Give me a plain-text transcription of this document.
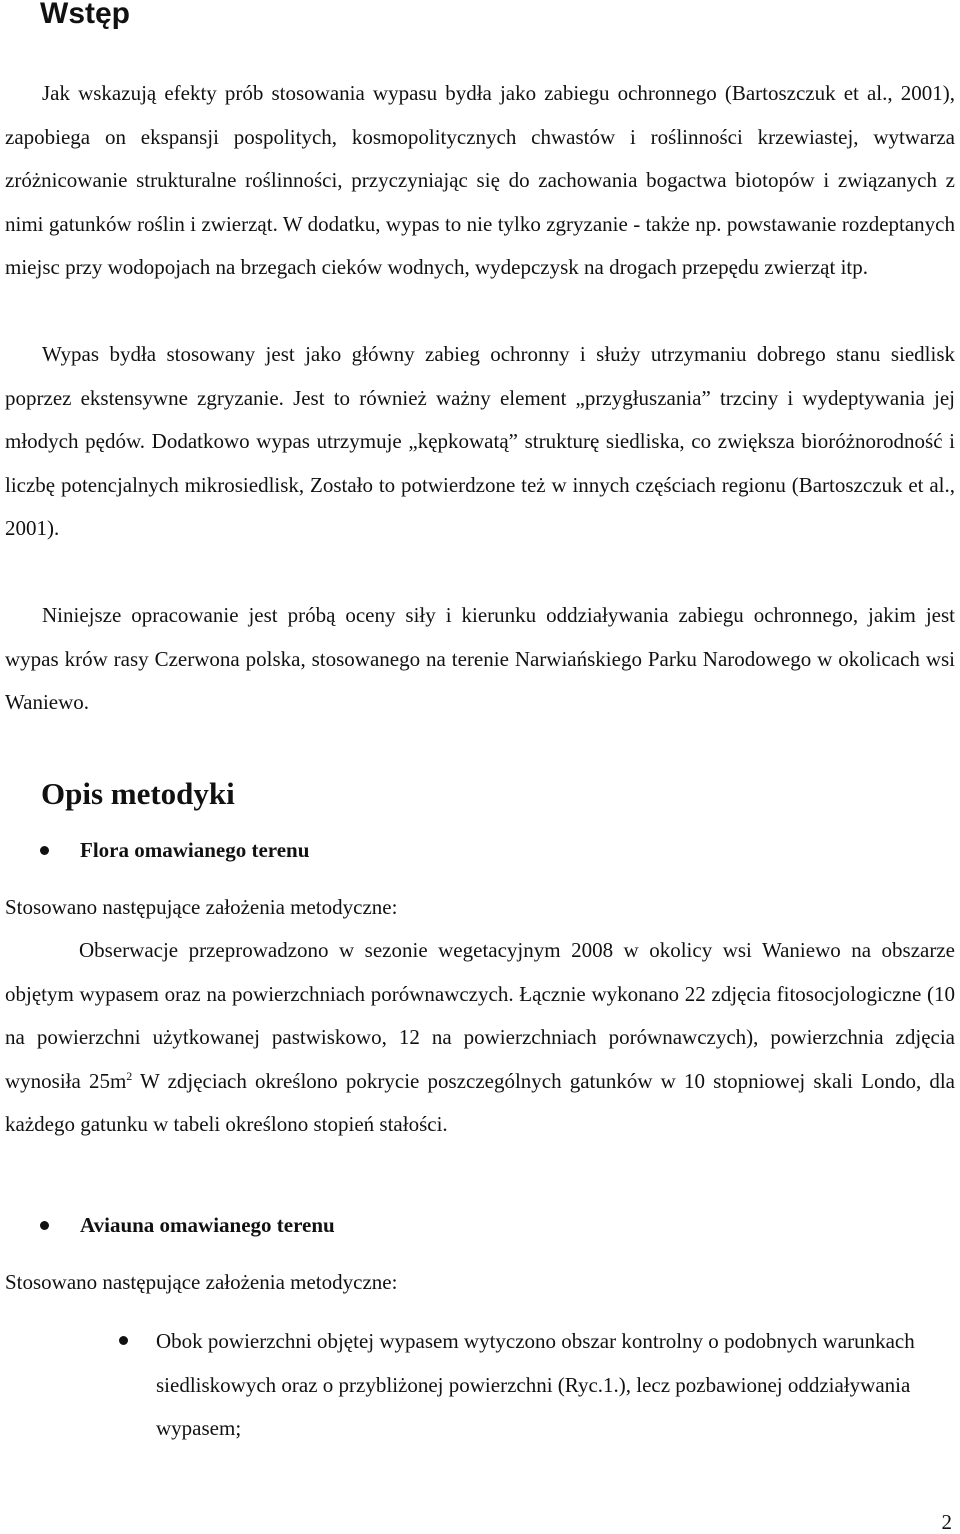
Wstęp

Jak wskazują efekty prób stosowania wypasu bydła jako zabiegu ochronnego (Bartoszczuk et al., 2001), zapobiega on ekspansji pospolitych, kosmopolitycznych chwastów i roślinności krzewiastej, wytwarza zróżnicowanie strukturalne roślinności, przyczyniając się do zachowania bogactwa biotopów i związanych z nimi gatunków roślin i zwierząt. W dodatku, wypas to nie tylko zgryzanie - także np. powstawanie rozdeptanych miejsc przy wodopojach na brzegach cieków wodnych, wydepczysk na drogach przepędu zwierząt itp.

Wypas bydła stosowany jest jako główny zabieg ochronny i służy utrzymaniu dobrego stanu siedlisk poprzez ekstensywne zgryzanie. Jest to również ważny element „przygłuszania” trzciny i wydeptywania jej młodych pędów. Dodatkowo wypas utrzymuje „kępkowatą” strukturę siedliska, co zwiększa bioróżnorodność i liczbę potencjalnych mikrosiedlisk, Zostało to potwierdzone też w innych częściach regionu (Bartoszczuk et al., 2001).

Niniejsze opracowanie jest próbą oceny siły i kierunku oddziaływania zabiegu ochronnego, jakim jest wypas krów rasy Czerwona polska, stosowanego na terenie Narwiańskiego Parku Narodowego w okolicach wsi Waniewo.

Opis metodyki

Flora omawianego terenu

Stosowano następujące założenia metodyczne:

Obserwacje przeprowadzono w sezonie wegetacyjnym 2008 w okolicy wsi Waniewo na obszarze objętym wypasem oraz na powierzchniach porównawczych. Łącznie wykonano 22 zdjęcia fitosocjologiczne (10 na powierzchni użytkowanej pastwiskowo, 12 na powierzchniach porównawczych), powierzchnia zdjęcia wynosiła $25m^2$ W zdjęciach określono pokrycie poszczególnych gatunków w 10 stopniowej skali Londo, dla każdego gatunku w tabeli określono stopień stałości.

Aviauna omawianego terenu

Stosowano następujące założenia metodyczne:

Obok powierzchni objętej wypasem wytyczono obszar kontrolny o podobnych warunkach siedliskowych oraz o przybliżonej powierzchni (Ryc.1.), lecz pozbawionej oddziaływania wypasem;

2
